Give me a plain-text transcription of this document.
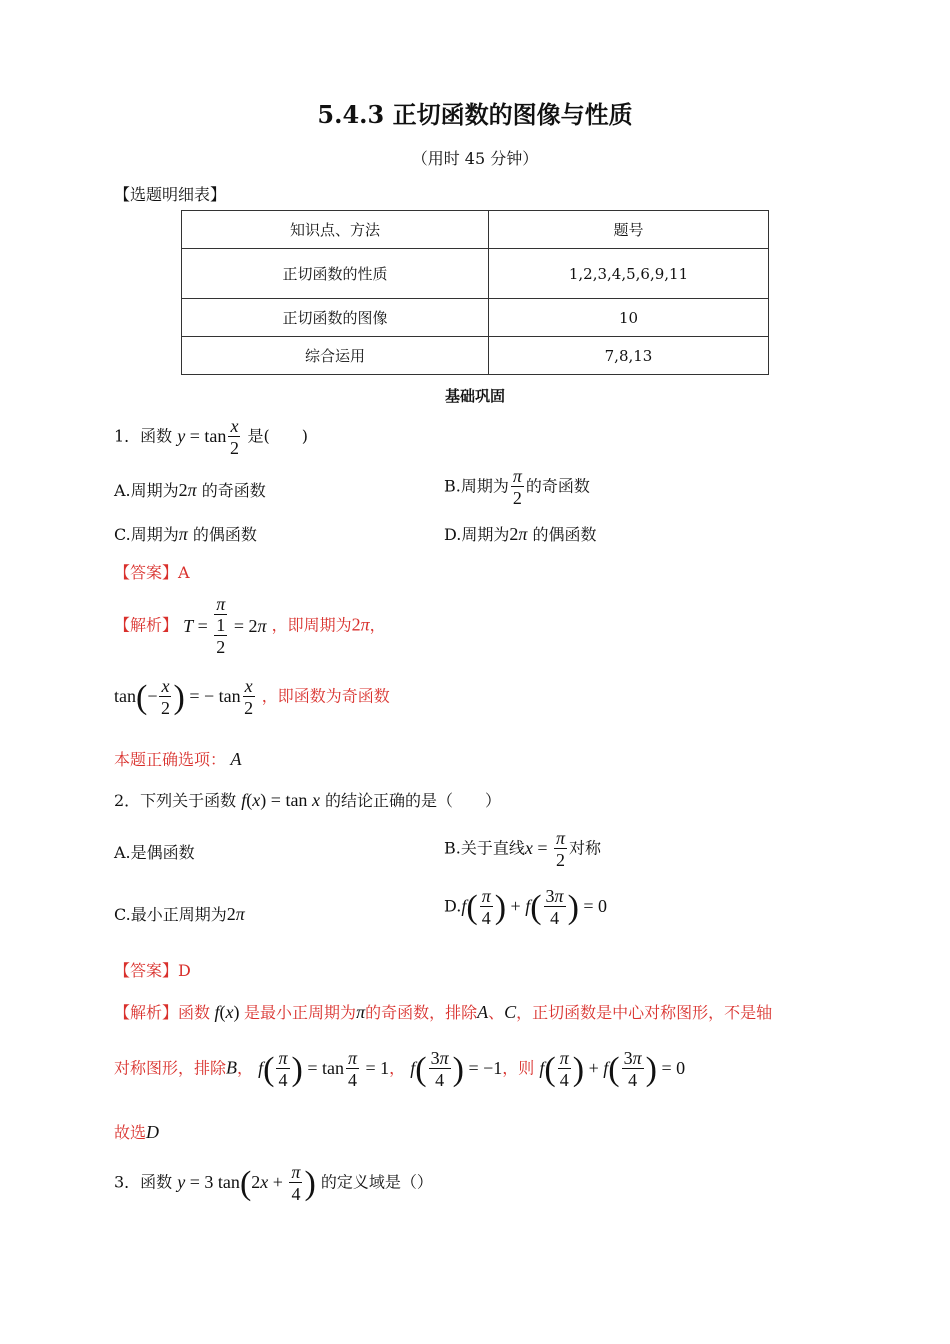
5.4.3 正切函数的图像与性质
（用时 45 分钟）
【选题明细表】
知识点、方法	题号
正切函数的性质	1,2,3,4,5,6,9,11
正切函数的图像	10
综合运用	7,8,13
基础巩固
1．函数 $y = \tan \frac{x}{2}$ 是(　　)
A.周期为2π 的奇函数	B.周期为 $\frac{\pi}{2}$ 的奇函数
C.周期为π 的偶函数	D.周期为2π 的偶函数
【答案】A
【解析】 T =
π
$\frac{1}{2} = 2$ π ，即周期为2π，
$\tan(- \frac{x}{2}$ ) = − $\tan \frac{x}{2}$ ，即函数为奇函数
本题正确选项： A
2．下列关于函数 f(x) = tan x 的结论正确的是（　　）
A.是偶函数	B.关于直线$x = \frac{\pi}{2}$ 对称
C.最小正周期为2π	$D.f( \frac{\pi}{4}$ ) + $f( \frac{3\pi}{4}$ ) = 0
【答案】D
【解析】函数 f(x) 是最小正周期为π的奇函数，排除A、C，正切函数是中心对称图形，不是轴
对称图形，排除B， $f( \frac{\pi}{4}$ ) = $\tan \frac{\pi}{4} = 1$， $f( \frac{3\pi}{4}$ ) = −1，则 $f( \frac{\pi}{4}$ ) + $f( \frac{3\pi}{4}$ ) = 0
故选D
3．函数 y = 3 $\tan(2x + \frac{\pi}{4}$ ) 的定义域是（）
